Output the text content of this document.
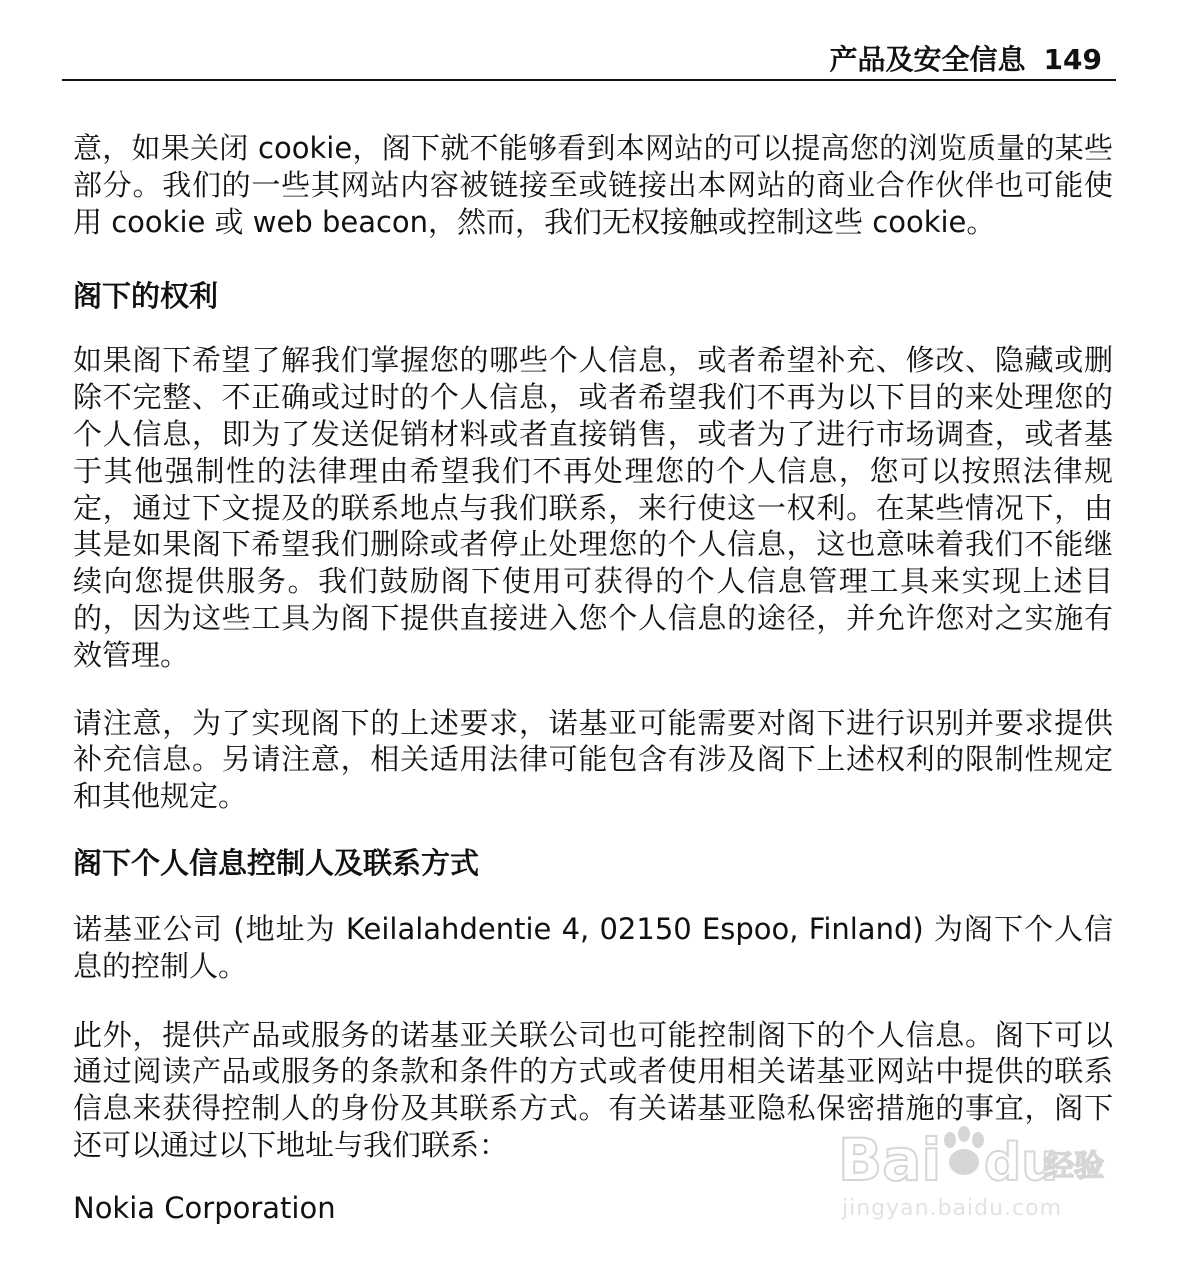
产品及安全信息 149

意，如果关闭 cookie，阁下就不能够看到本网站的可以提高您的浏览质量的某些部分。我们的一些其网站内容被链接至或链接出本网站的商业合作伙伴也可能使用 cookie 或 web beacon，然而，我们无权接触或控制这些 cookie。

阁下的权利

如果阁下希望了解我们掌握您的哪些个人信息，或者希望补充、修改、隐藏或删除不完整、不正确或过时的个人信息，或者希望我们不再为以下目的来处理您的个人信息，即为了发送促销材料或者直接销售，或者为了进行市场调查，或者基于其他强制性的法律理由希望我们不再处理您的个人信息，您可以按照法律规定，通过下文提及的联系地点与我们联系，来行使这一权利。在某些情况下，由其是如果阁下希望我们删除或者停止处理您的个人信息，这也意味着我们不能继续向您提供服务。我们鼓励阁下使用可获得的个人信息管理工具来实现上述目的，因为这些工具为阁下提供直接进入您个人信息的途径，并允许您对之实施有效管理。

请注意，为了实现阁下的上述要求，诺基亚可能需要对阁下进行识别并要求提供补充信息。另请注意，相关适用法律可能包含有涉及阁下上述权利的限制性规定和其他规定。

阁下个人信息控制人及联系方式

诺基亚公司 (地址为 Keilalahdentie 4, 02150 Espoo, Finland) 为阁下个人信息的控制人。

此外，提供产品或服务的诺基亚关联公司也可能控制阁下的个人信息。阁下可以通过阅读产品或服务的条款和条件的方式或者使用相关诺基亚网站中提供的联系信息来获得控制人的身份及其联系方式。有关诺基亚隐私保密措施的事宜，阁下还可以通过以下地址与我们联系：

Nokia Corporation

Bai du
经验
jingyan.baidu.com
